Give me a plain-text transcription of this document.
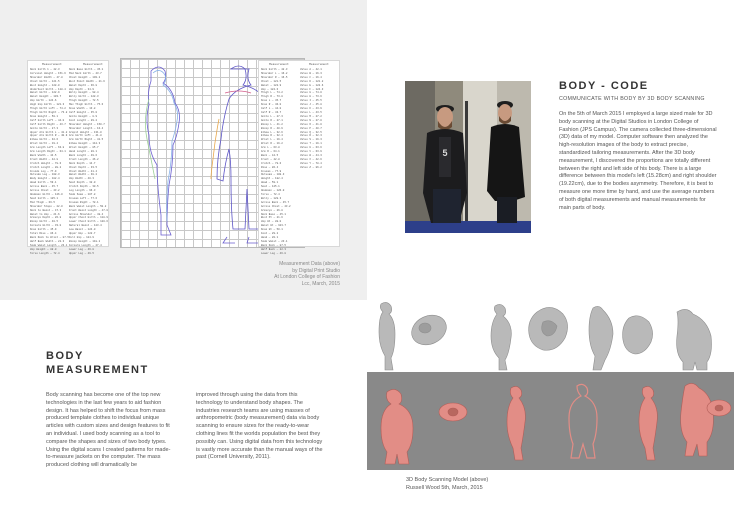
Measurement	Measurement
Neck Girth 1 — 42.3
Cervical Height — 151.6
Shoulder Width — 47.8
Chest Girth — 121.5
Bust Height — 128.0
Underbust Girth — 118.4
Waist Girth — 122.9
Waist Height — 103.7
Hip Girth — 124.6
High Hip Girth — 121.3
Thigh Girth Left — 74.2
Thigh Girth Right — 73.8
Knee Height — 50.1
Calf Girth Left — 44.0
Calf Girth Right — 43.7
Ankle Girth — 27.3
Upper Arm Girth L — 41.2
Upper Arm Girth R — 40.9
Elbow Girth — 32.6
Wrist Girth — 19.4
Arm Length Left — 63.8
Arm Length Right — 64.1
Back Width — 44.5
Front Width — 42.8
Crotch Height — 78.6
Crotch Length — 88.2
Inside Leg — 77.9
Outside Leg — 108.3
Body Height — 182.4
Head Girth — 59.1
Across Back — 45.7
Across Chest — 43.2
Abdomen Girth — 126.0
Seat Girth — 125.1
Mid Thigh — 66.5
Shoulder Slope — 22.0
Neck to Waist — 47.3
Waist to Hip — 21.6
Armscye Depth — 26.8
Bicep Girth — 40.5
Forearm Girth — 33.0
Knee Girth — 45.9
Total Rise — 86.4
Back Neck to Wrist — 87.5
Half Back Width — 22.3
Side Waist Length — 23.1
Hip Height — 88.0
Torso Length — 72.4
Neck Base Girth — 45.1
Mid Neck Girth — 43.7
Chest Height — 130.2
Bust Point Width — 21.6
Waist Depth — 36.8
Hip Depth — 34.9
Belly Height — 98.4
Belly Girth — 128.3
Thigh Height — 72.5
Max Thigh Girth — 75.6
Knee Width — 13.8
Calf Height — 35.0
Ankle Height — 8.9
Foot Length — 29.2
Shoulder Height — 150.7
Shoulder Length — 16.4
Armpit Height — 131.0
Arm Girth Left — 41.8
Arm Girth Right — 41.5
Elbow Height — 112.3
Wrist Height — 85.7
Hand Length — 20.1
Back Length — 49.6
Front Length — 46.2
Neck Depth — 14.7
Chest Depth — 33.5
Chest Width — 41.4
Waist Width — 38.2
Hip Width — 40.3
Seat Depth — 32.0
Crotch Depth — 30.5
Leg Length — 96.3
Side Seam — 107.8
Inseam Left — 77.6
Inseam Right — 78.1
Back Waist Length — 50.2
Front Waist Length — 47.0
Across Shoulder — 48.4
Upper Chest Girth — 118.9
Lower Chest Girth — 120.6
Natural Waist — 123.4
Low Waist — 124.0
Upper Hip — 122.7
Full Hip — 124.9
Bicep Height — 118.2
Forearm Length — 27.4
Lower Leg — 46.8
Upper Leg — 49.5
Measurement	Measurement
Neck Girth — 42.3
Shoulder L — 16.2
Shoulder R — 16.5
Chest — 121.5
Waist — 122.9
Hip — 124.6
Thigh L — 74.2
Thigh R — 73.8
Knee L — 45.7
Knee R — 46.0
Calf L — 44.0
Calf R — 43.7
Ankle L — 27.3
Ankle R — 27.1
Bicep L — 41.2
Bicep R — 40.9
Elbow L — 32.6
Elbow R — 32.4
Wrist L — 19.4
Wrist R — 19.2
Arm L — 63.8
Arm R — 64.1
Back — 44.5
Front — 42.8
Crotch — 78.6
Rise — 86.4
Inseam — 77.9
Outseam — 108.3
Height — 182.4
Head — 59.1
Seat — 125.1
Abdomen — 126.0
Torso — 72.4
Belly — 128.3
Across Back — 45.7
Across Chest — 43.2
Armscye — 26.8
Neck Base — 45.1
Bust Pt — 21.6
Hip Ht — 88.0
Waist Ht — 103.7
Knee Ht — 50.1
Foot — 29.2
Hand — 20.1
Side Waist — 23.1
Back Neck — 87.5
Half Back — 22.3
Lower Leg — 46.8
Value A — 42.1
Value B — 16.3
Value C — 16.4
Value D — 121.2
Value E — 122.6
Value F — 124.3
Value G — 74.0
Value H — 73.6
Value I — 45.5
Value J — 45.8
Value K — 43.9
Value L — 43.5
Value M — 27.2
Value N — 27.0
Value O — 41.0
Value P — 40.7
Value Q — 32.5
Value R — 32.3
Value S — 19.3
Value T — 19.1
Value U — 63.6
Value V — 63.9
Value W — 44.3
Value X — 42.6
Value Y — 78.4
Value Z — 86.2
Measurement Data (above)
by Digital Print Studio
At London College of Fashion
Lcc, March, 2015
5
BODY - CODE
COMMUNICATE WITH BODY BY 3D BODY SCANNING
On the 5th of March 2015 I employed a large sized male for 3D body scanning at the Digital Studios in London College of Fashion (JPS Campus). The camera collected three-dimensional (3D) data of my model. Computer software then analyzed the high-resolution images of the body to extract precise, standardized tailoring measurements. After the 3D body measurement, I discovered the proportions are totally different between the right and left side of his body. There is a large difference between this model's left (15.28cm) and right shoulder (19.22cm), due to the bodies asymmetry. Therefore, it is best to measure one more time by hand, and use the average numbers of both digital measurements and manual measurements for main parts of body.
BODY
MEASUREMENT
Body scanning has become one of the top new technologies in the last few years to aid fashion design. It has helped to shift the focus from mass produced template clothes to individual unique articles with custom sizes and design features to fit an individual. I used body scanning as a tool to compare the shapes and sizes of two body types. Using the digital scans I created patterns for made-to-measure jackets on the computer. The mass produced clothing will dramatically be
improved through using the data from this technology to understand body shapes. The industries research teams are using masses of anthropometric (body measurement) data via body scanning to ensure sizes for the ready-to-wear clothing lines fit the worlds population the best they possibly can. Using digital data from this technology is vastly more accurate than the manual ways of the past (Cornell University, 2011).
3D Body Scanning Model (above)
Russell Wood 5th, March, 2015
